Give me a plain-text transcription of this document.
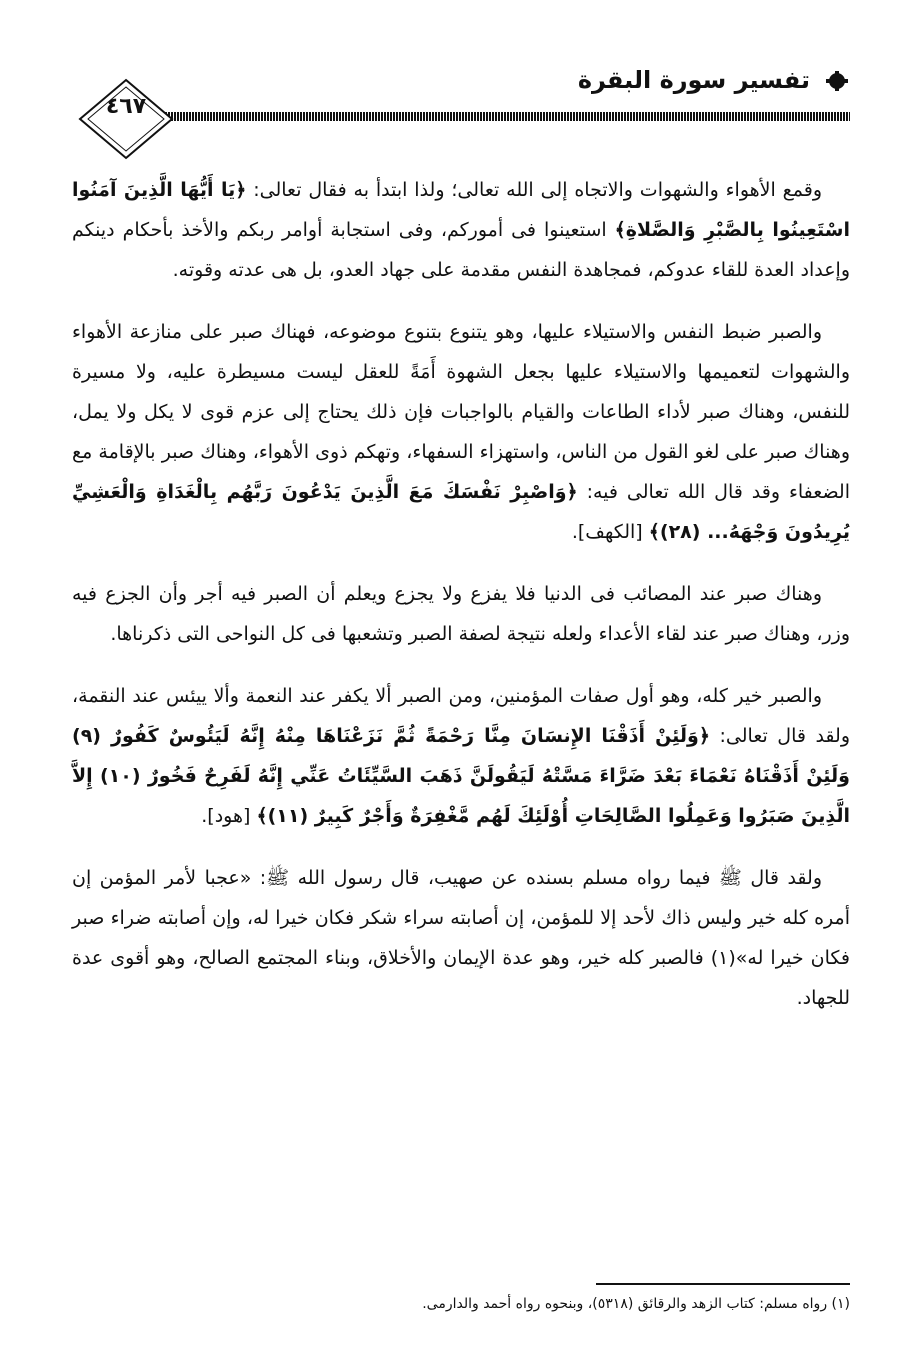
تفسير سورة البقرة
٤٦٧

وقمع الأهواء والشهوات والاتجاه إلى الله تعالى؛ ولذا ابتدأ به فقال تعالى: ﴿يَا أَيُّهَا الَّذِينَ آمَنُوا اسْتَعِينُوا بِالصَّبْرِ وَالصَّلاةِ﴾ استعينوا فى أموركم، وفى استجابة أوامر ربكم والأخذ بأحكام دينكم وإعداد العدة للقاء عدوكم، فمجاهدة النفس مقدمة على جهاد العدو، بل هى عدته وقوته.

والصبر ضبط النفس والاستيلاء عليها، وهو يتنوع بتنوع موضوعه، فهناك صبر على منازعة الأهواء والشهوات لتعميمها والاستيلاء عليها بجعل الشهوة أَمَةً للعقل ليست مسيطرة عليه، ولا مسيرة للنفس، وهناك صبر لأداء الطاعات والقيام بالواجبات فإن ذلك يحتاج إلى عزم قوى لا يكل ولا يمل، وهناك صبر على لغو القول من الناس، واستهزاء السفهاء، وتهكم ذوى الأهواء، وهناك صبر بالإقامة مع الضعفاء وقد قال الله تعالى فيه: ﴿وَاصْبِرْ نَفْسَكَ مَعَ الَّذِينَ يَدْعُونَ رَبَّهُم بِالْغَدَاةِ وَالْعَشِيِّ يُرِيدُونَ وَجْهَهُ... (٢٨)﴾ [الكهف].

وهناك صبر عند المصائب فى الدنيا فلا يفزع ولا يجزع ويعلم أن الصبر فيه أجر وأن الجزع فيه وزر، وهناك صبر عند لقاء الأعداء ولعله نتيجة لصفة الصبر وتشعبها فى كل النواحى التى ذكرناها.

والصبر خير كله، وهو أول صفات المؤمنين، ومن الصبر ألا يكفر عند النعمة وألا ييئس عند النقمة، ولقد قال تعالى: ﴿وَلَئِنْ أَذَقْنَا الإِنسَانَ مِنَّا رَحْمَةً ثُمَّ نَزَعْنَاهَا مِنْهُ إِنَّهُ لَيَئُوسٌ كَفُورٌ (٩) وَلَئِنْ أَذَقْنَاهُ نَعْمَاءَ بَعْدَ ضَرَّاءَ مَسَّتْهُ لَيَقُولَنَّ ذَهَبَ السَّيِّئَاتُ عَنِّي إِنَّهُ لَفَرِحٌ فَخُورٌ (١٠) إِلاَّ الَّذِينَ صَبَرُوا وَعَمِلُوا الصَّالِحَاتِ أُوْلَئِكَ لَهُم مَّغْفِرَةٌ وَأَجْرٌ كَبِيرٌ (١١)﴾ [هود].

ولقد قال ﷺ فيما رواه مسلم بسنده عن صهيب، قال رسول الله ﷺ: «عجبا لأمر المؤمن إن أمره كله خير وليس ذاك لأحد إلا للمؤمن، إن أصابته سراء شكر فكان خيرا له، وإن أصابته ضراء صبر فكان خيرا له»(١) فالصبر كله خير، وهو عدة الإيمان والأخلاق، وبناء المجتمع الصالح، وهو أقوى عدة للجهاد.

(١) رواه مسلم: كتاب الزهد والرقائق (٥٣١٨)، وبنحوه رواه أحمد والدارمى.
